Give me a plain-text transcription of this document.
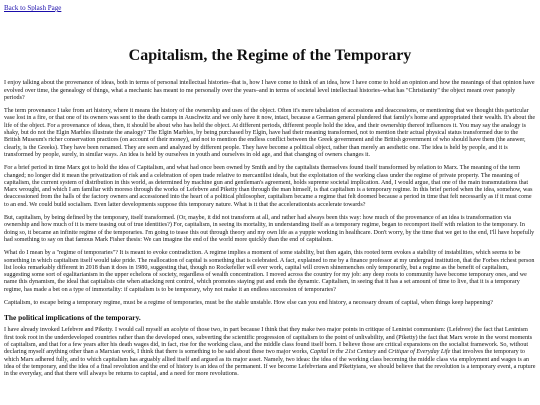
Back to Splash Page
Capitalism, the Regime of the Temporary

I enjoy talking about the provenance of ideas, both in terms of personal intellectual histories–that is, how I have come to think of an idea, how I have come to hold an opinion and how the meanings of that opinion have evolved over time, the genealogy of things, what a mechanic has meant to me personally over the years–and in terms of societal level intellectual histories–what has "Christianity" the object meant over panoply periods?

The term provenance I take from art history, where it means the history of the ownership and uses of the object. Often it's mere tabulation of accessions and deaccessions, or mentioning that we thought this particular vase lost in a fire, or that one of its owners was sent to the death camps in Auschwitz and we only have it now, intact, because a German general plundered that family's home and appropriated their wealth. It's about the life of the object. For a provenance of ideas, then, it should be about who has held the object. At different periods, different people hold the idea, and their ownership thereof influences it. You may say the analogy is shaky, but do not the Elgin Marbles illustrate the analogy? The Elgin Marbles, by being purchased by Elgin, have had their meaning transformed, not to mention their actual physical status transformed due to the British Museum's richer conservation practices (on account of their money), and not to mention the endless conflict between the Greek government and the British government of who should have them (the answer, clearly, is the Greeks). They have been renamed. They are seen and analyzed by different people. They have become a political object, rather than merely an aesthetic one. The idea is held by people, and it is transformed by people, surely, in similar ways. An idea is held by ourselves in youth and ourselves in old age, and that changing of owners changes it.

For a brief period in time Marx got to hold the idea of Capitalism, and what had once been owned by Smith and by the capitalists themselves found itself transformed by relation to Marx. The meaning of the term changed; no longer did it mean the privatization of risk and a celebration of open trade relative to mercantilist ideals, but the exploitation of the working class under the regime of private property. The meaning of capitalism, the current system of distribution in this world, as determined by machine gun and gentleman's agreement, holds supreme societal implication. And, I would argue, that one of the main transmutations that Marx wrought, and which I am familiar with moreso through the works of Lefebvre and Piketty than through the man himself, is that capitalism is a temporary regime. In this brief period when the idea, somehow, was deaccessioned from the halls of the factory owners and accessioned into the heart of a political philosopher, capitalism became a regime that felt doomed because a period in time that felt necessarily as if it must come to an end. We could build socialism. Even latter developments suppose this temporary nature. What is it that the accelerationists accelerate towards?

But, capitalism, by being defined by the temporary, itself transformed. (Or, maybe, it did not transform at all, and rather had always been this way: how much of the provenance of an idea is transformation via ownership and how much of it is mere teasing out of true identities?) For, capitalism, in seeing its mortality, in understanding itself as a temporary regime, began to recomport itself with relation to the temporary. In doing so, it became an infinite regime of the temporaries. I'm going to tease this out through theory and my own life as a yuppie working in healthcare. Don't worry, by the time that we get to the end, I'll have hopefully had something to say on that famous Mark Fisher thesis: We can imagine the end of the world more quickly than the end of capitalism.

What do I mean by a "regime of temporaries"? It is meant to evoke contradiction. A regime implies a moment of some stability, but then again, this rooted term evokes a stability of instabilities, which seems to be something in which capitalism itself would take pride. The reallocation of capital is something that is celebrated. A fact, explained to me by a finance professor at my undergrad institution, that the Forbes richest person list looks remarkably different in 2018 than it does in 1980, suggesting that, though no Rockefeller will ever work, capital will crown shinemenches only temporarily, but a regime as the benefit of capitalism, suggesting some sort of egalitarianism in the upper echelons of society, regardless of wealth concentration. I moved across the country for my job: any deep roots to community have become temporary ones, and we name this dynamism, the ideal that capitalists cite when attacking rent control, which promotes staying put and ends the dynamic. Capitalism, in seeing that it has a set amount of time to live, that it is a temporary regime, has made a bet on a type of immortality: if capitalism is to be temporary, why not make it an endless succession of temporaries?

Capitalism, to escape being a temporary regime, must be a regime of temporaries, must be the stable unstable. How else can you end history, a necessary dream of capital, when things keep happening?

The political implications of the temporary.

I have already invoked Lefebvre and Piketty. I would call myself an acolyte of those two, in part because I think that they make two major points in critique of Leninist communism: (Lefebvre) the fact that Leninism first took root in the underdeveloped countries rather than the developed ones, subverting the scientific progression of capitalism to the point of unlivability, and (Piketty) the fact that Marx wrote in the worst moments of capitalism, and that for a few years after his death wages did, in fact, rise for the working class, and the middle class found itself born. I believe those are critical expansions on the socialist framework. So, without declaring myself anything other than a Marxian work, I think that there is something to be said about these two major works, Capital in the 21st Century and Critique of Everyday Life that involves the temporary to which Marx adhered fully, and to which capitalism has arguably allied itself and argued as its major asset. Namely, two ideas: the idea of the working class becoming the middle class via employment and wages is an idea of the temporary, and the idea of a final revolution and the end of history is an idea of the permanent. If we become Lefebvrians and Pikettyians, we should believe that the revolution is a temporary event, a rupture in the everyday, and that there will always be returns to capital, and a need for more revolutions.
